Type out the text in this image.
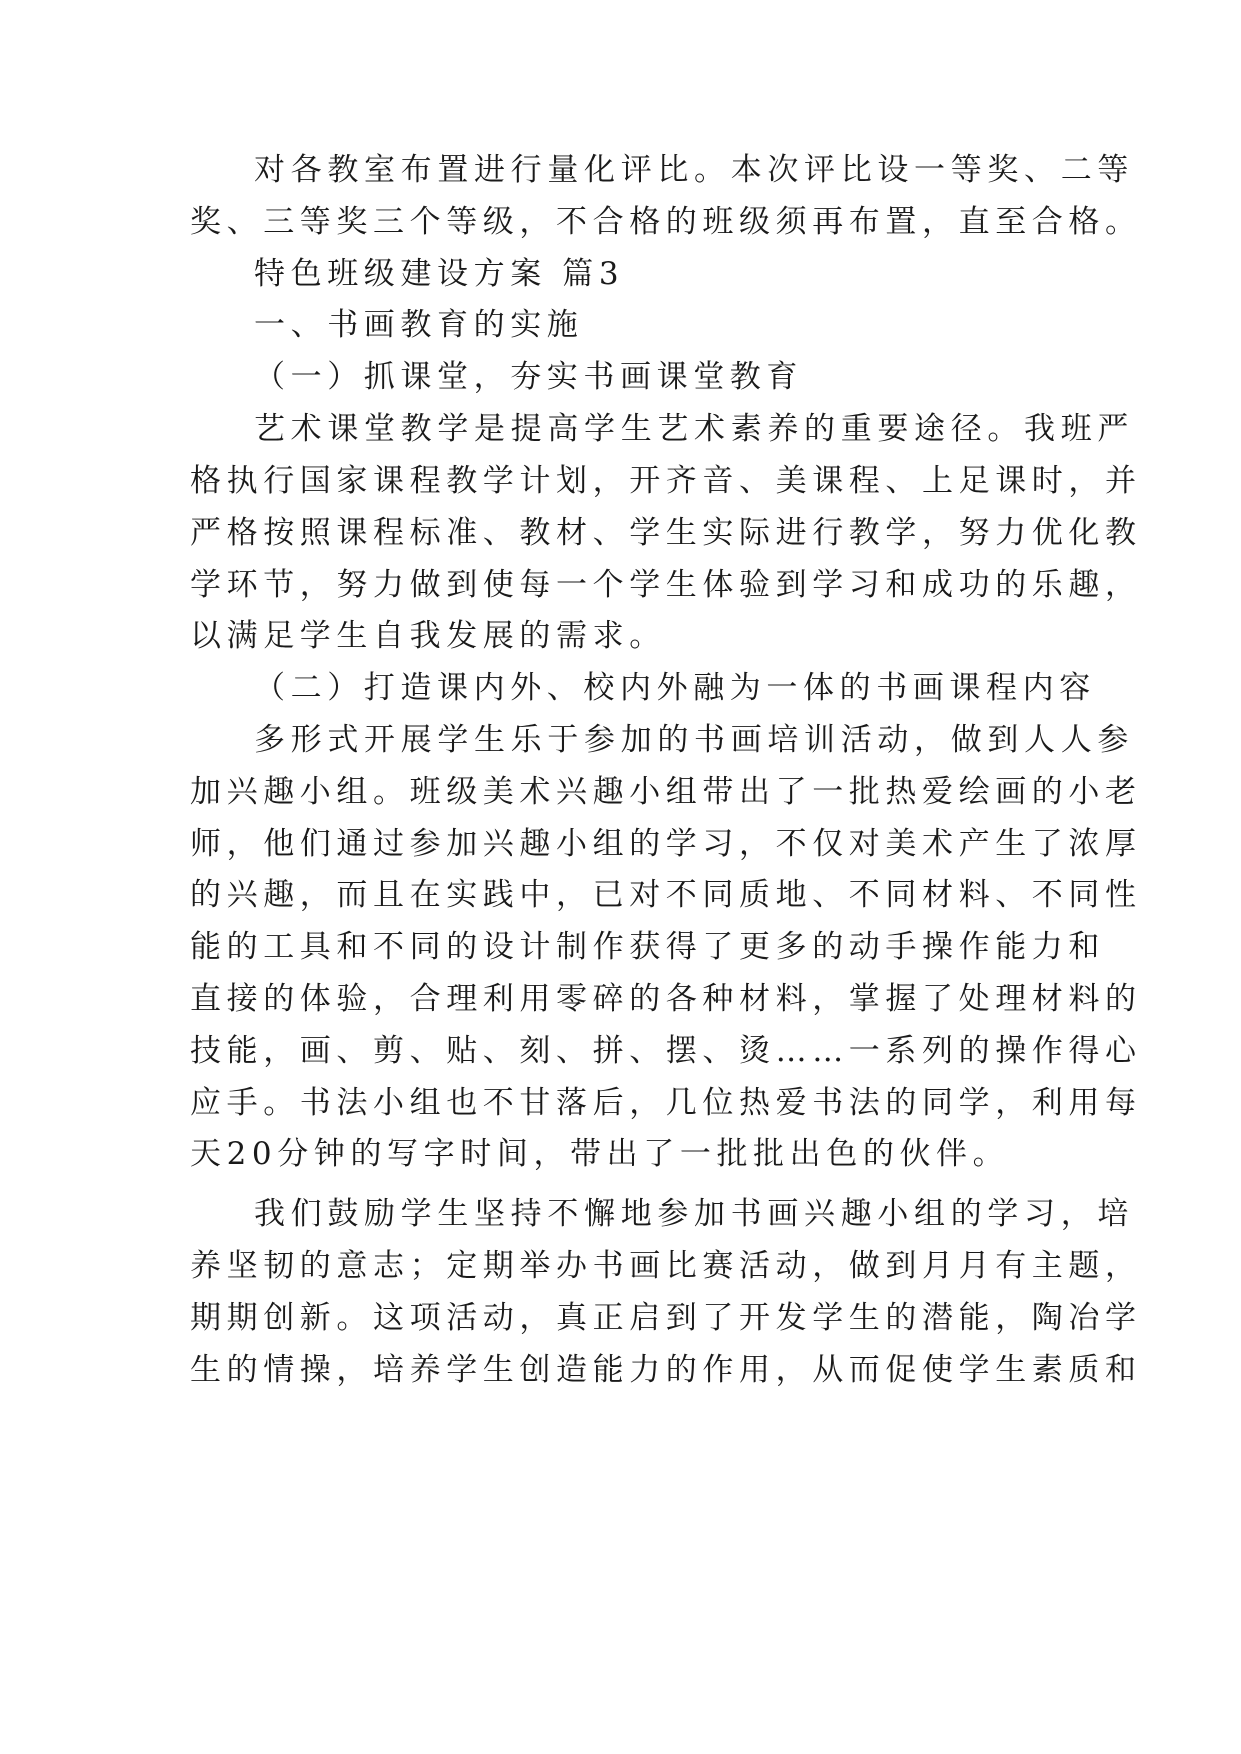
对各教室布置进行量化评比。本次评比设一等奖、二等
奖、三等奖三个等级，不合格的班级须再布置，直至合格。
特色班级建设方案 篇3
一、书画教育的实施
（一）抓课堂，夯实书画课堂教育
艺术课堂教学是提高学生艺术素养的重要途径。我班严
格执行国家课程教学计划，开齐音、美课程、上足课时，并
严格按照课程标准、教材、学生实际进行教学，努力优化教
学环节，努力做到使每一个学生体验到学习和成功的乐趣，
以满足学生自我发展的需求。
（二）打造课内外、校内外融为一体的书画课程内容
多形式开展学生乐于参加的书画培训活动，做到人人参
加兴趣小组。班级美术兴趣小组带出了一批热爱绘画的小老
师，他们通过参加兴趣小组的学习，不仅对美术产生了浓厚
的兴趣，而且在实践中，已对不同质地、不同材料、不同性
能的工具和不同的设计制作获得了更多的动手操作能力和
直接的体验，合理利用零碎的各种材料，掌握了处理材料的
技能，画、剪、贴、刻、拼、摆、烫……一系列的操作得心
应手。书法小组也不甘落后，几位热爱书法的同学，利用每
天20分钟的写字时间，带出了一批批出色的伙伴。
我们鼓励学生坚持不懈地参加书画兴趣小组的学习，培
养坚韧的意志；定期举办书画比赛活动，做到月月有主题，
期期创新。这项活动，真正启到了开发学生的潜能，陶冶学
生的情操，培养学生创造能力的作用，从而促使学生素质和
